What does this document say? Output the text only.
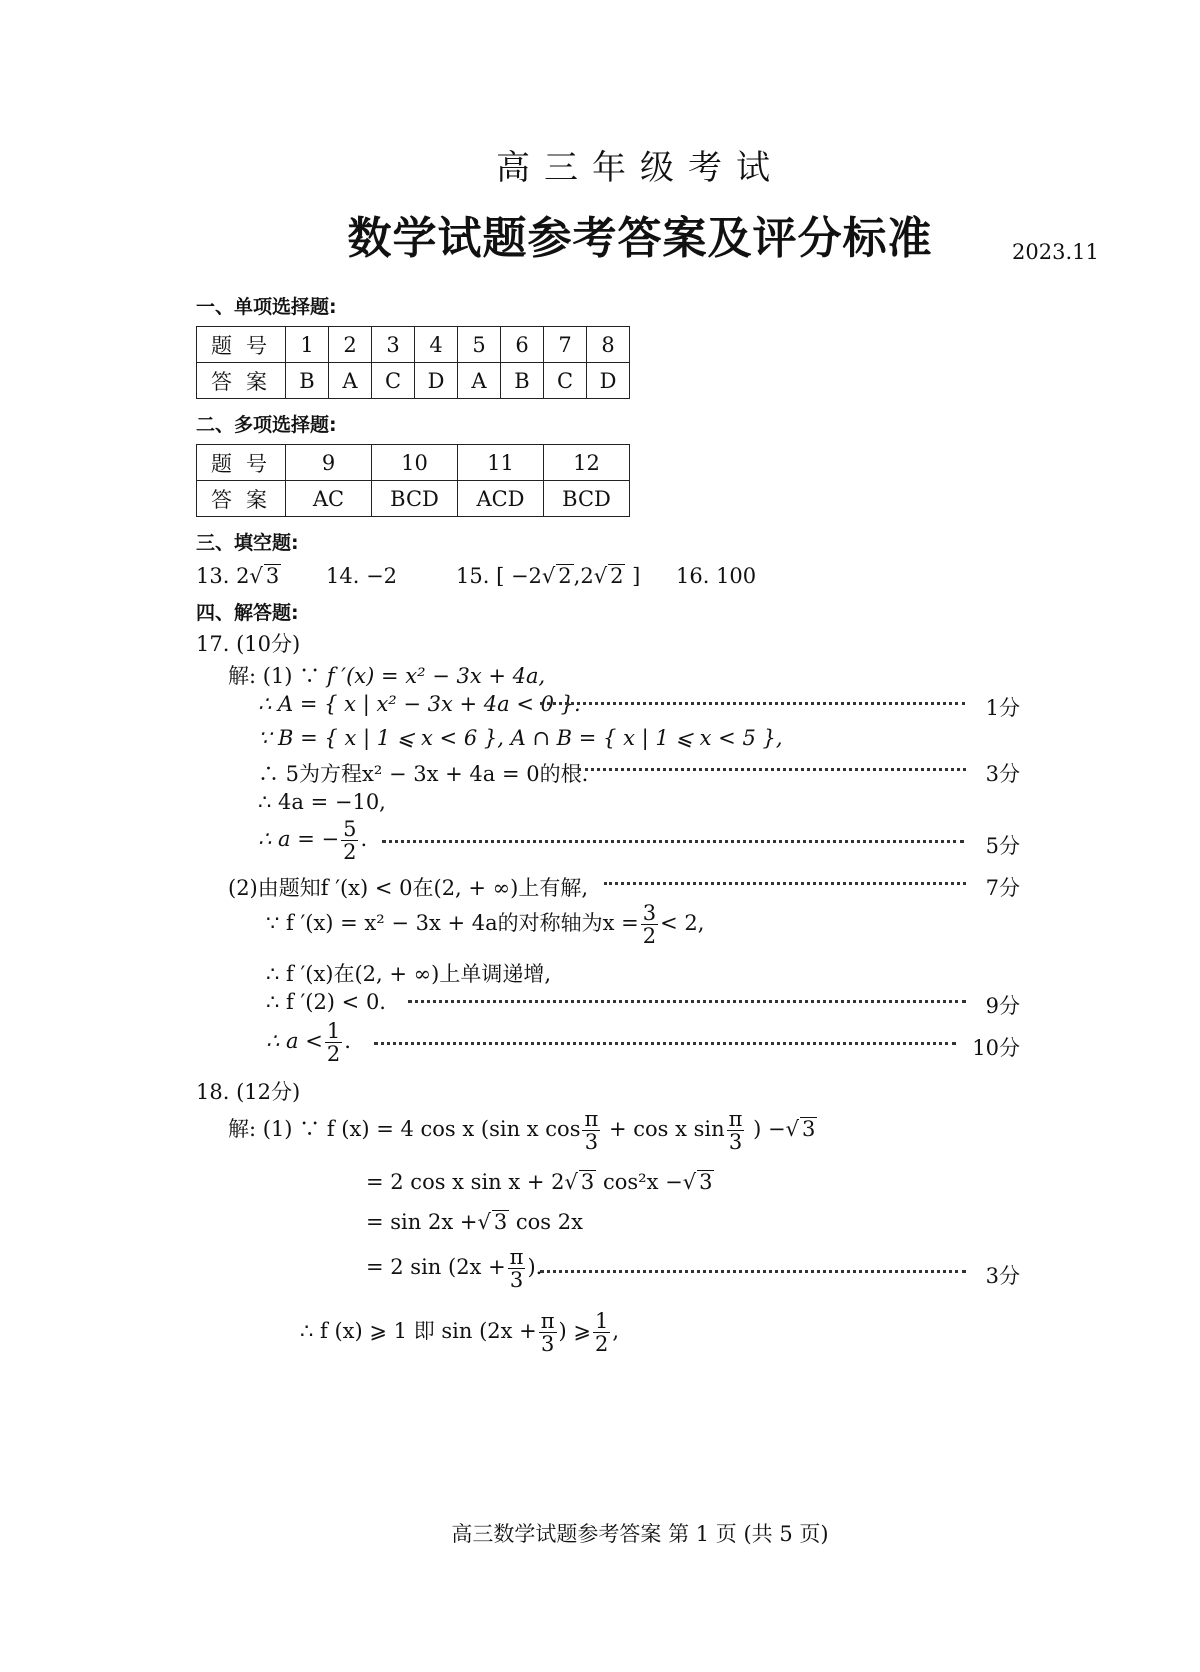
高三年级考试
数学试题参考答案及评分标准	2023.11
一、单项选择题:
题号	1	2	3	4	5	6	7	8
答案	B	A	C	D	A	B	C	D
二、多项选择题:
题号	9	10	11	12
答案	AC	BCD	ACD	BCD
三、填空题:
13. 2√ 3 14. −2	15. [ −2√ 2,2√ 2 ] 16. 100
四、解答题:
17. (10分)
解: (1) ∵ f ′(x) = x² − 3x + 4a,
∴ A = { x | x² − 3x + 4a < 0 }.	1分
∵ B = { x | 1 ⩽ x < 6 }, A ∩ B = { x | 1 ⩽ x < 5 },
∴ 5为方程x² − 3x + 4a = 0的根.	3分
∴ 4a = −10,
∴ a = − $\frac{5}{2}$ .	5分
(2)由题知f ′(x) < 0在(2, + ∞)上有解,	7分
∵ f ′(x) = x² − 3x + 4a的对称轴为$x = \frac{3}{2} < 2$,
∴ f ′(x)在(2, + ∞)上单调递增,
∴ f ′(2) < 0.	9分
∴ $a < \frac{1}{2}$ .	10分
18. (12分)
解: (1) ∵ f (x) = 4 cos x (sin x $\cos \frac{\pi}{3} + \cos x$ $\sin \frac{\pi}{3}$ ) −√ 3
= 2 cos x sin x + 2√ 3 cos²x −√ 3
= sin 2x +√ 3 cos 2x
= 2 $\sin (2x + \frac{\pi}{3}$ ).	3分
∴ f (x) ⩾ 1 即 $\sin (2x + \frac{\pi}{3}$ ) ⩾ $\frac{1}{2}$ ,
高三数学试题参考答案 第 1 页 (共 5 页)
